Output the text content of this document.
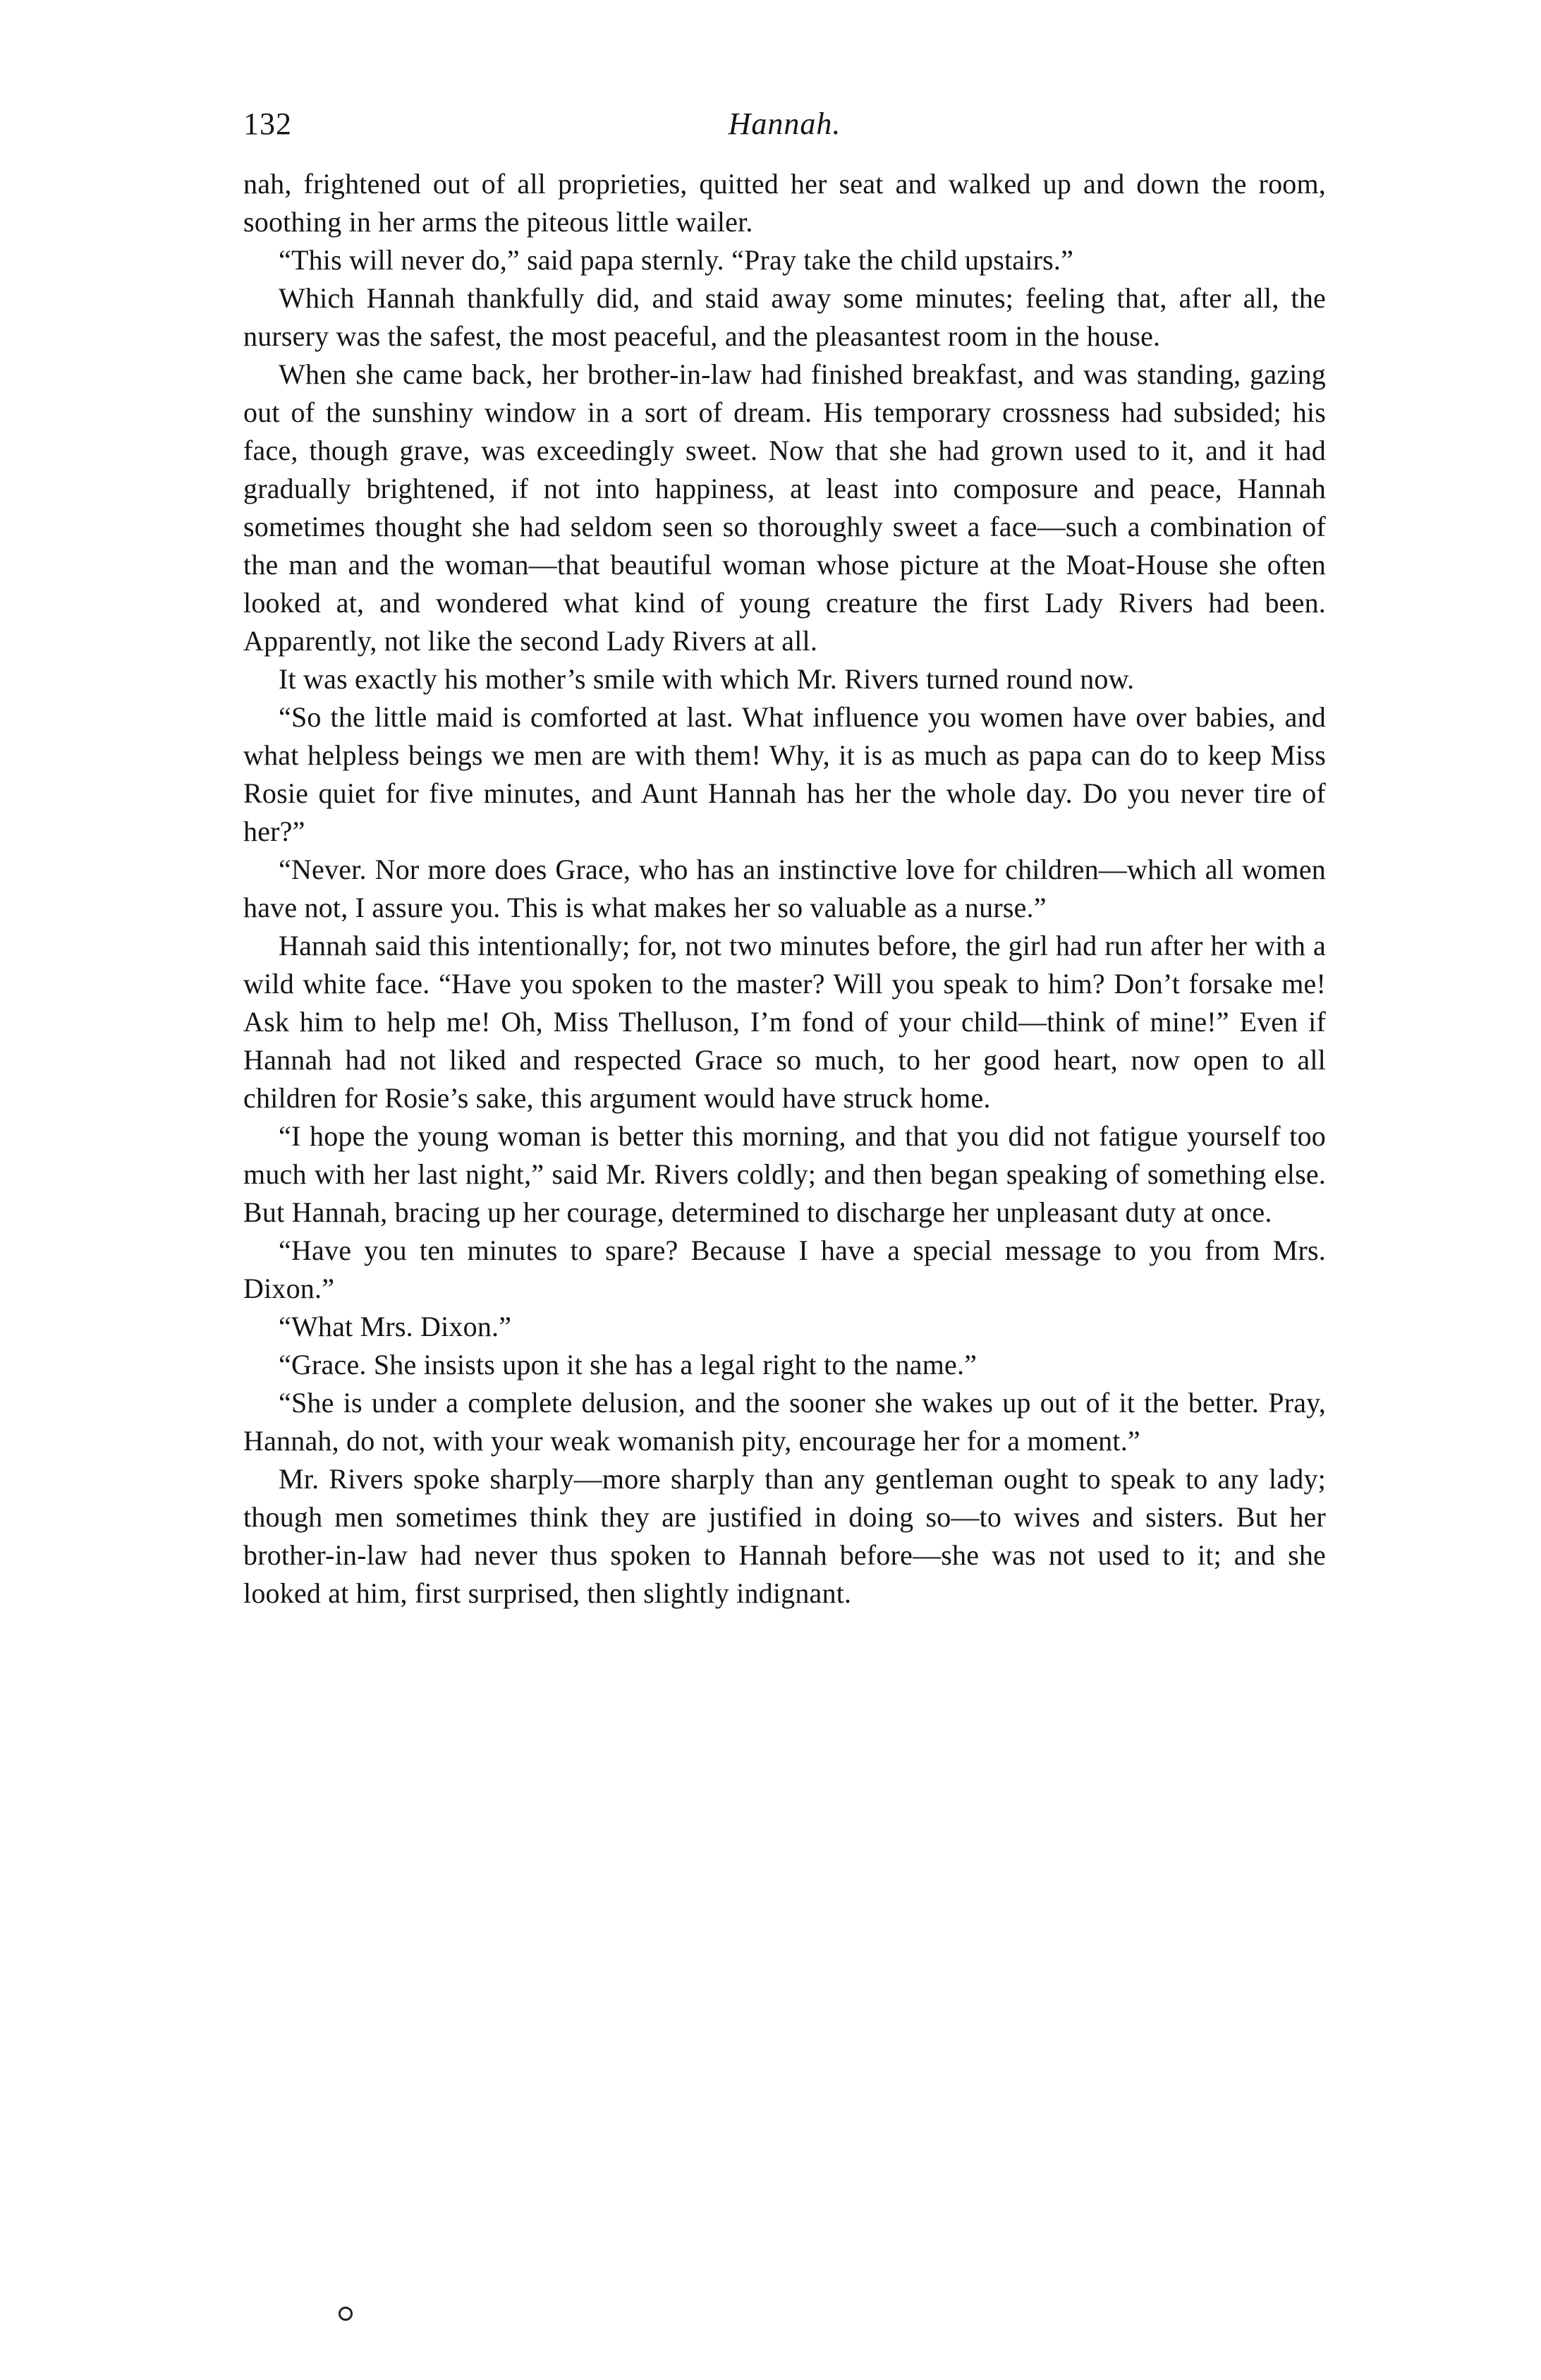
132	Hannah.

nah, frightened out of all proprieties, quitted her seat and walked up and down the room, soothing in her arms the piteous little wailer.

“This will never do,” said papa sternly. “Pray take the child upstairs.”

Which Hannah thankfully did, and staid away some minutes; feeling that, after all, the nursery was the safest, the most peaceful, and the pleasantest room in the house.

When she came back, her brother-in-law had finished breakfast, and was standing, gazing out of the sunshiny window in a sort of dream. His temporary crossness had subsided; his face, though grave, was exceedingly sweet. Now that she had grown used to it, and it had gradually brightened, if not into happiness, at least into composure and peace, Hannah sometimes thought she had seldom seen so thoroughly sweet a face—such a combination of the man and the woman—that beautiful woman whose picture at the Moat-House she often looked at, and wondered what kind of young creature the first Lady Rivers had been. Apparently, not like the second Lady Rivers at all.

It was exactly his mother’s smile with which Mr. Rivers turned round now.

“So the little maid is comforted at last. What influence you women have over babies, and what helpless beings we men are with them! Why, it is as much as papa can do to keep Miss Rosie quiet for five minutes, and Aunt Hannah has her the whole day. Do you never tire of her?”

“Never. Nor more does Grace, who has an instinctive love for children—which all women have not, I assure you. This is what makes her so valuable as a nurse.”

Hannah said this intentionally; for, not two minutes before, the girl had run after her with a wild white face. “Have you spoken to the master? Will you speak to him? Don’t forsake me! Ask him to help me! Oh, Miss Thelluson, I’m fond of your child—think of mine!” Even if Hannah had not liked and respected Grace so much, to her good heart, now open to all children for Rosie’s sake, this argument would have struck home.

“I hope the young woman is better this morning, and that you did not fatigue yourself too much with her last night,” said Mr. Rivers coldly; and then began speaking of something else. But Hannah, bracing up her courage, determined to discharge her unpleasant duty at once.

“Have you ten minutes to spare? Because I have a special message to you from Mrs. Dixon.”

“What Mrs. Dixon.”

“Grace. She insists upon it she has a legal right to the name.”

“She is under a complete delusion, and the sooner she wakes up out of it the better. Pray, Hannah, do not, with your weak womanish pity, encourage her for a moment.”

Mr. Rivers spoke sharply—more sharply than any gentleman ought to speak to any lady; though men sometimes think they are justified in doing so—to wives and sisters. But her brother-in-law had never thus spoken to Hannah before—she was not used to it; and she looked at him, first surprised, then slightly indignant.
